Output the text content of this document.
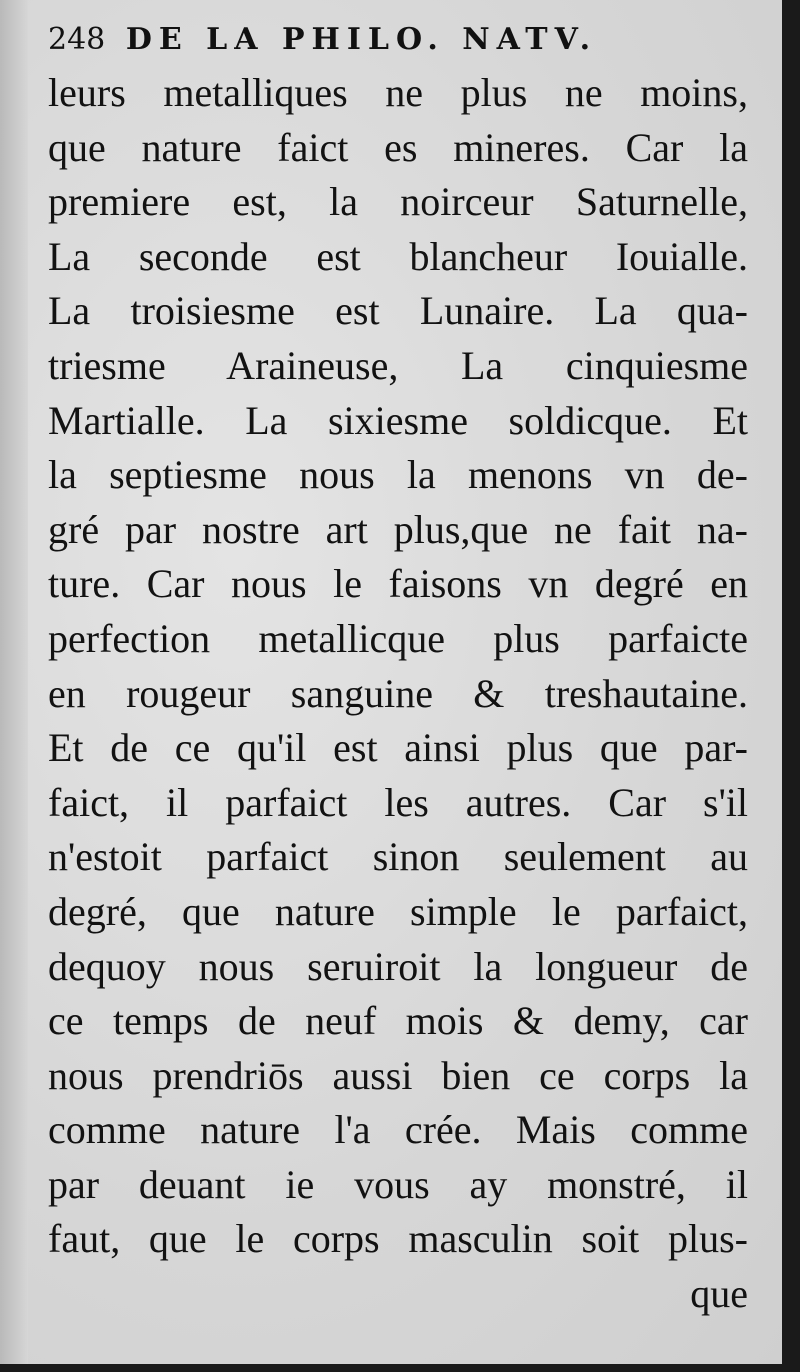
248 DE LA PHILO. NATV.
leurs metalliques ne plus ne moins,
que nature faict es mineres. Car la
premiere est, la noirceur Saturnelle,
La seconde est blancheur Iouialle.
La troisiesme est Lunaire. La qua-
triesme Araineuse, La cinquiesme
Martialle. La sixiesme soldicque. Et
la septiesme nous la menons vn de-
gré par nostre art plus,que ne fait na-
ture. Car nous le faisons vn degré en
perfection metallicque plus parfaicte
en rougeur sanguine & treshautaine.
Et de ce qu'il est ainsi plus que par-
faict, il parfaict les autres. Car s'il
n'estoit parfaict sinon seulement au
degré, que nature simple le parfaict,
dequoy nous seruiroit la longueur de
ce temps de neuf mois & demy, car
nous prendriōs aussi bien ce corps la
comme nature l'a crée. Mais comme
par deuant ie vous ay monstré, il
faut, que le corps masculin soit plus-
que
